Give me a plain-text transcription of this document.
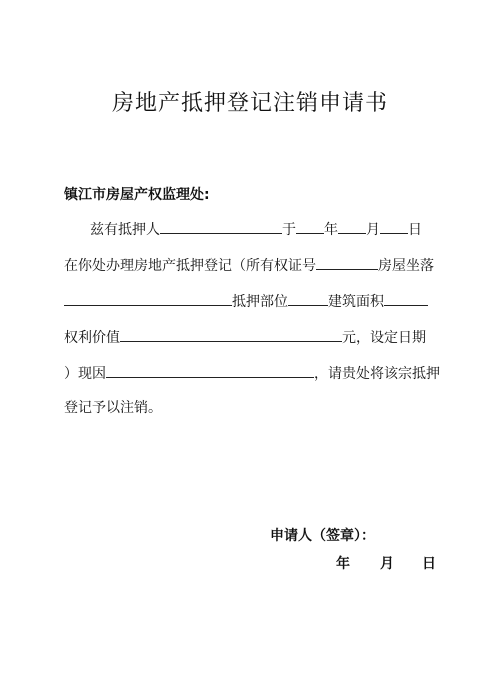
房地产抵押登记注销申请书
镇江市房屋产权监理处:
兹有抵押人	于 年 月 日
在你处办理房地产抵押登记（所有权证号	房屋坐落
抵押部位	建筑面积
权利价值	元，设定日期
）现因	，请贵处将该宗抵押
登记予以注销。
申请人（签章）：
年 月 日
